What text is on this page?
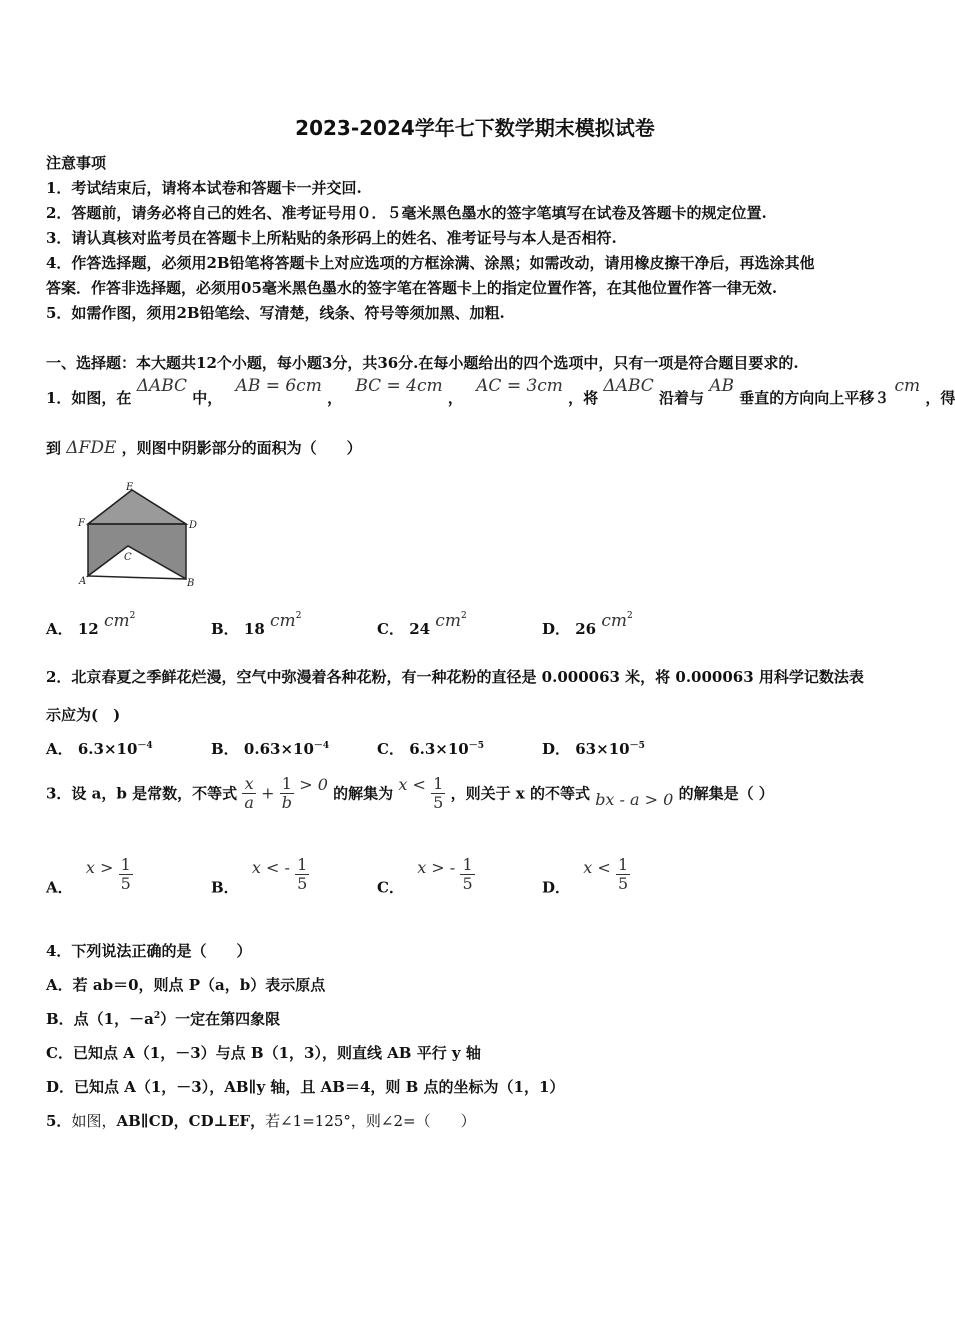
2023-2024学年七下数学期末模拟试卷
注意事项
1．考试结束后，请将本试卷和答题卡一并交回.
2．答题前，请务必将自己的姓名、准考证号用０．５毫米黑色墨水的签字笔填写在试卷及答题卡的规定位置.
3．请认真核对监考员在答题卡上所粘贴的条形码上的姓名、准考证号与本人是否相符.
4．作答选择题，必须用2B铅笔将答题卡上对应选项的方框涂满、涂黑；如需改动，请用橡皮擦干净后，再选涂其他
答案．作答非选择题，必须用05毫米黑色墨水的签字笔在答题卡上的指定位置作答，在其他位置作答一律无效.
5．如需作图，须用2B铅笔绘、写清楚，线条、符号等须加黑、加粗.
一、选择题：本大题共12个小题，每小题3分，共36分.在每小题给出的四个选项中，只有一项是符合题目要求的.
1．如图，在 ΔABC 中， AB = 6cm ， BC = 4cm ， AC = 3cm ，将 ΔABC 沿着与 AB 垂直的方向向上平移３ cm ，得
到 ΔFDE ，则图中阴影部分的面积为（　　）
E
F	D
C
A	B
A． 12 $cm^2$
B． 18 $cm^2$
C． 24 $cm^2$
D． 26 $cm^2$
2．北京春夏之季鲜花烂漫，空气中弥漫着各种花粉，有一种花粉的直径是 0.000063 米，将 0.000063 用科学记数法表
示应为(　)
A． $6.3\times 10^{-4}$	B． $0.63\times 10^{-4}$	C． $6.3\times 10^{-5}$	D． $63\times 10^{-5}$
3．设 a，b 是常数，不等式 $\frac{x}{a} + \frac{1}{b} > 0$ 的解集为 $x < \frac{1}{5}$ ，则关于 x 的不等式 bx - a > 0 的解集是（ ）
A． $x > \frac{1}{5}$	B． x < - $\frac{1}{5}$	C． x > - $\frac{1}{5}$	D． $x < \frac{1}{5}$
4．下列说法正确的是（　　）
A．若 ab＝0，则点 P（a，b）表示原点
B．点（1，$-a^2$）一定在第四象限
C．已知点 A（1，－3）与点 B（1，3），则直线 AB 平行 y 轴
D．已知点 A（1，－3），AB∥y 轴，且 AB＝4，则 B 点的坐标为（1，1）
5．如图，AB∥CD，CD⊥EF，若∠1=125°，则∠2=（　　）
